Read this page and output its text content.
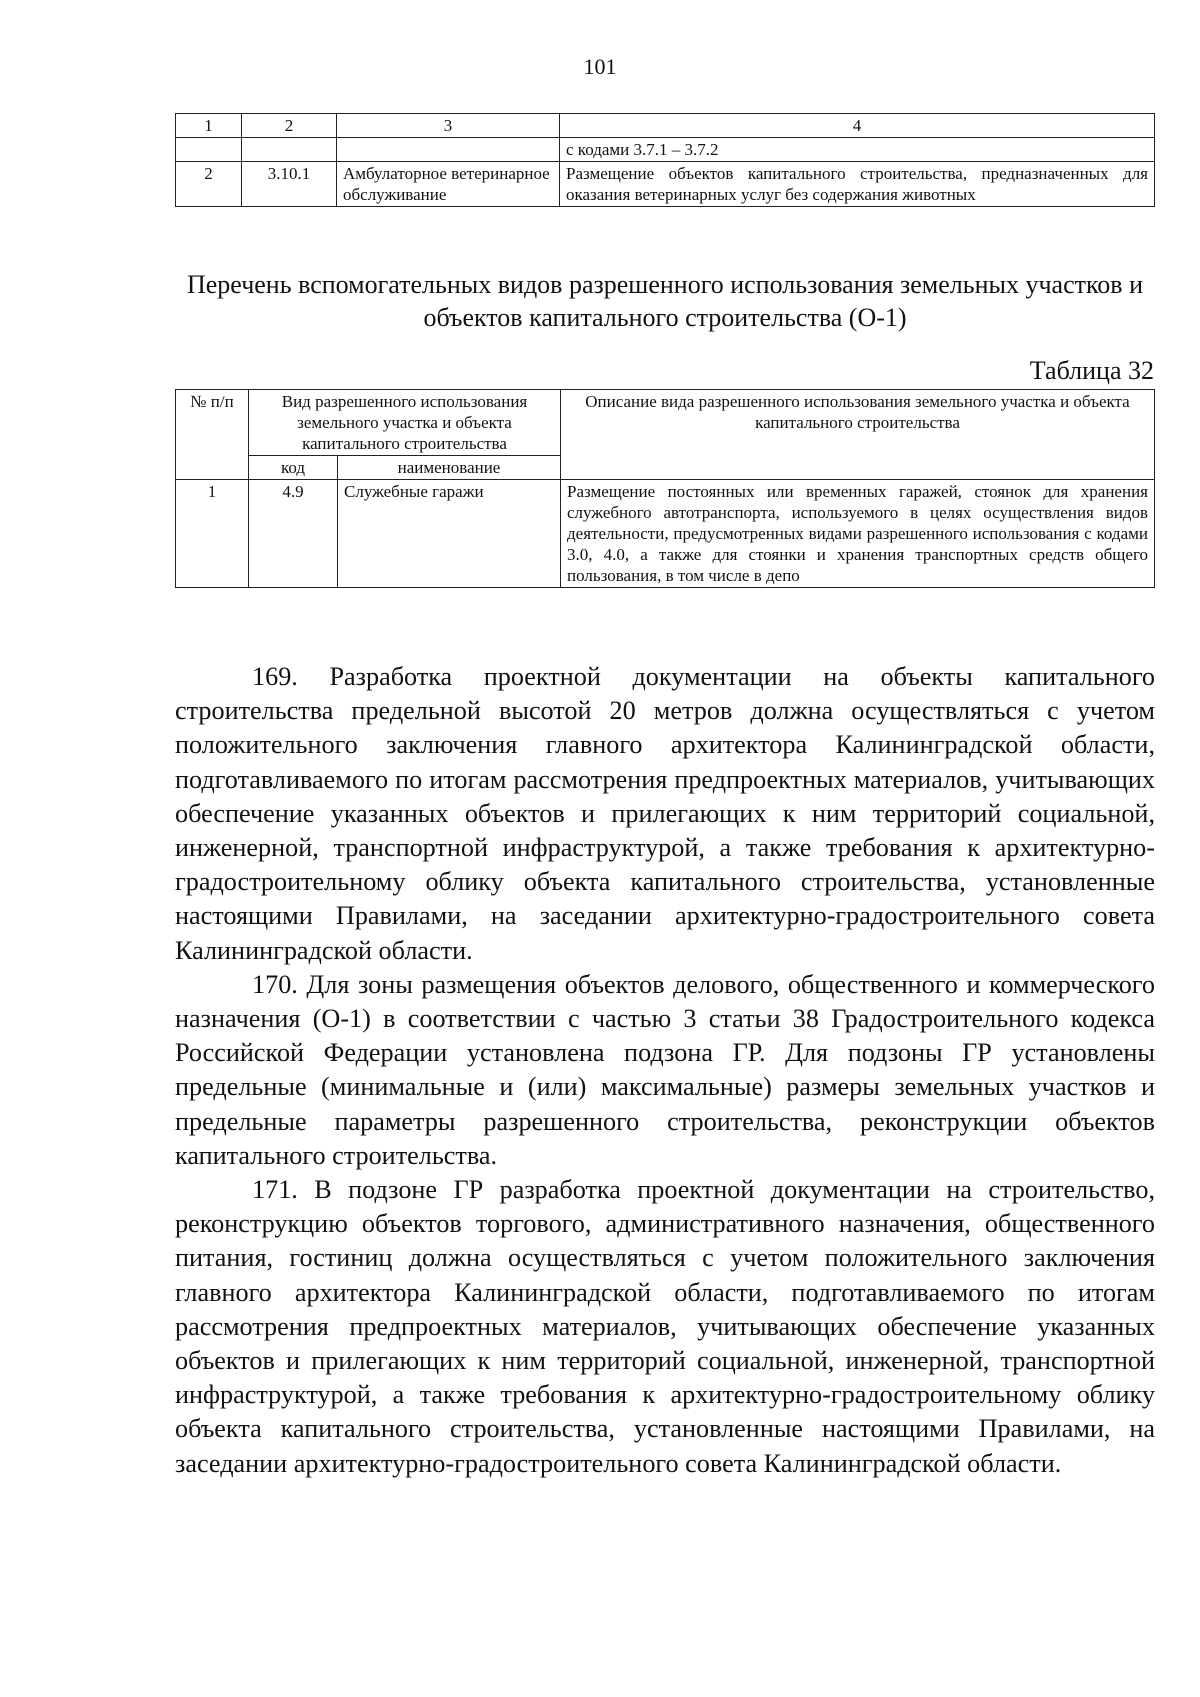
101
1	2	3	4
			с кодами 3.7.1 – 3.7.2
2	3.10.1	Амбулаторное ветеринарное обслуживание	Размещение объектов капитального строительства, предназначенных для оказания ветеринарных услуг без содержания животных
Перечень вспомогательных видов разрешенного использования земельных участков и объектов капитального строительства (О-1)
Таблица 32
№ п/п	Вид разрешенного использования земельного участка и объекта капитального строительства		Описание вида разрешенного использования земельного участка и объекта капитального строительства
	код	наименование	
1	4.9	Служебные гаражи	Размещение постоянных или временных гаражей, стоянок для хранения служебного автотранспорта, используемого в целях осуществления видов деятельности, предусмотренных видами разрешенного использования с кодами 3.0, 4.0, а также для стоянки и хранения транспортных средств общего пользования, в том числе в депо

169. Разработка проектной документации на объекты капитального строительства предельной высотой 20 метров должна осуществляться с учетом положительного заключения главного архитектора Калининградской области, подготавливаемого по итогам рассмотрения предпроектных материалов, учитывающих обеспечение указанных объектов и прилегающих к ним территорий социальной, инженерной, транспортной инфраструктурой, а также требования к архитектурно-градостроительному облику объекта капитального строительства, установленные настоящими Правилами, на заседании архитектурно-градостроительного совета Калининградской области.

170. Для зоны размещения объектов делового, общественного и коммерческого назначения (О-1) в соответствии с частью 3 статьи 38 Градостроительного кодекса Российской Федерации установлена подзона ГР. Для подзоны ГР установлены предельные (минимальные и (или) максимальные) размеры земельных участков и предельные параметры разрешенного строительства, реконструкции объектов капитального строительства.

171. В подзоне ГР разработка проектной документации на строительство, реконструкцию объектов торгового, административного назначения, общественного питания, гостиниц должна осуществляться с учетом положительного заключения главного архитектора Калининградской области, подготавливаемого по итогам рассмотрения предпроектных материалов, учитывающих обеспечение указанных объектов и прилегающих к ним территорий социальной, инженерной, транспортной инфраструктурой, а также требования к архитектурно-градостроительному облику объекта капитального строительства, установленные настоящими Правилами, на заседании архитектурно-градостроительного совета Калининградской области.
